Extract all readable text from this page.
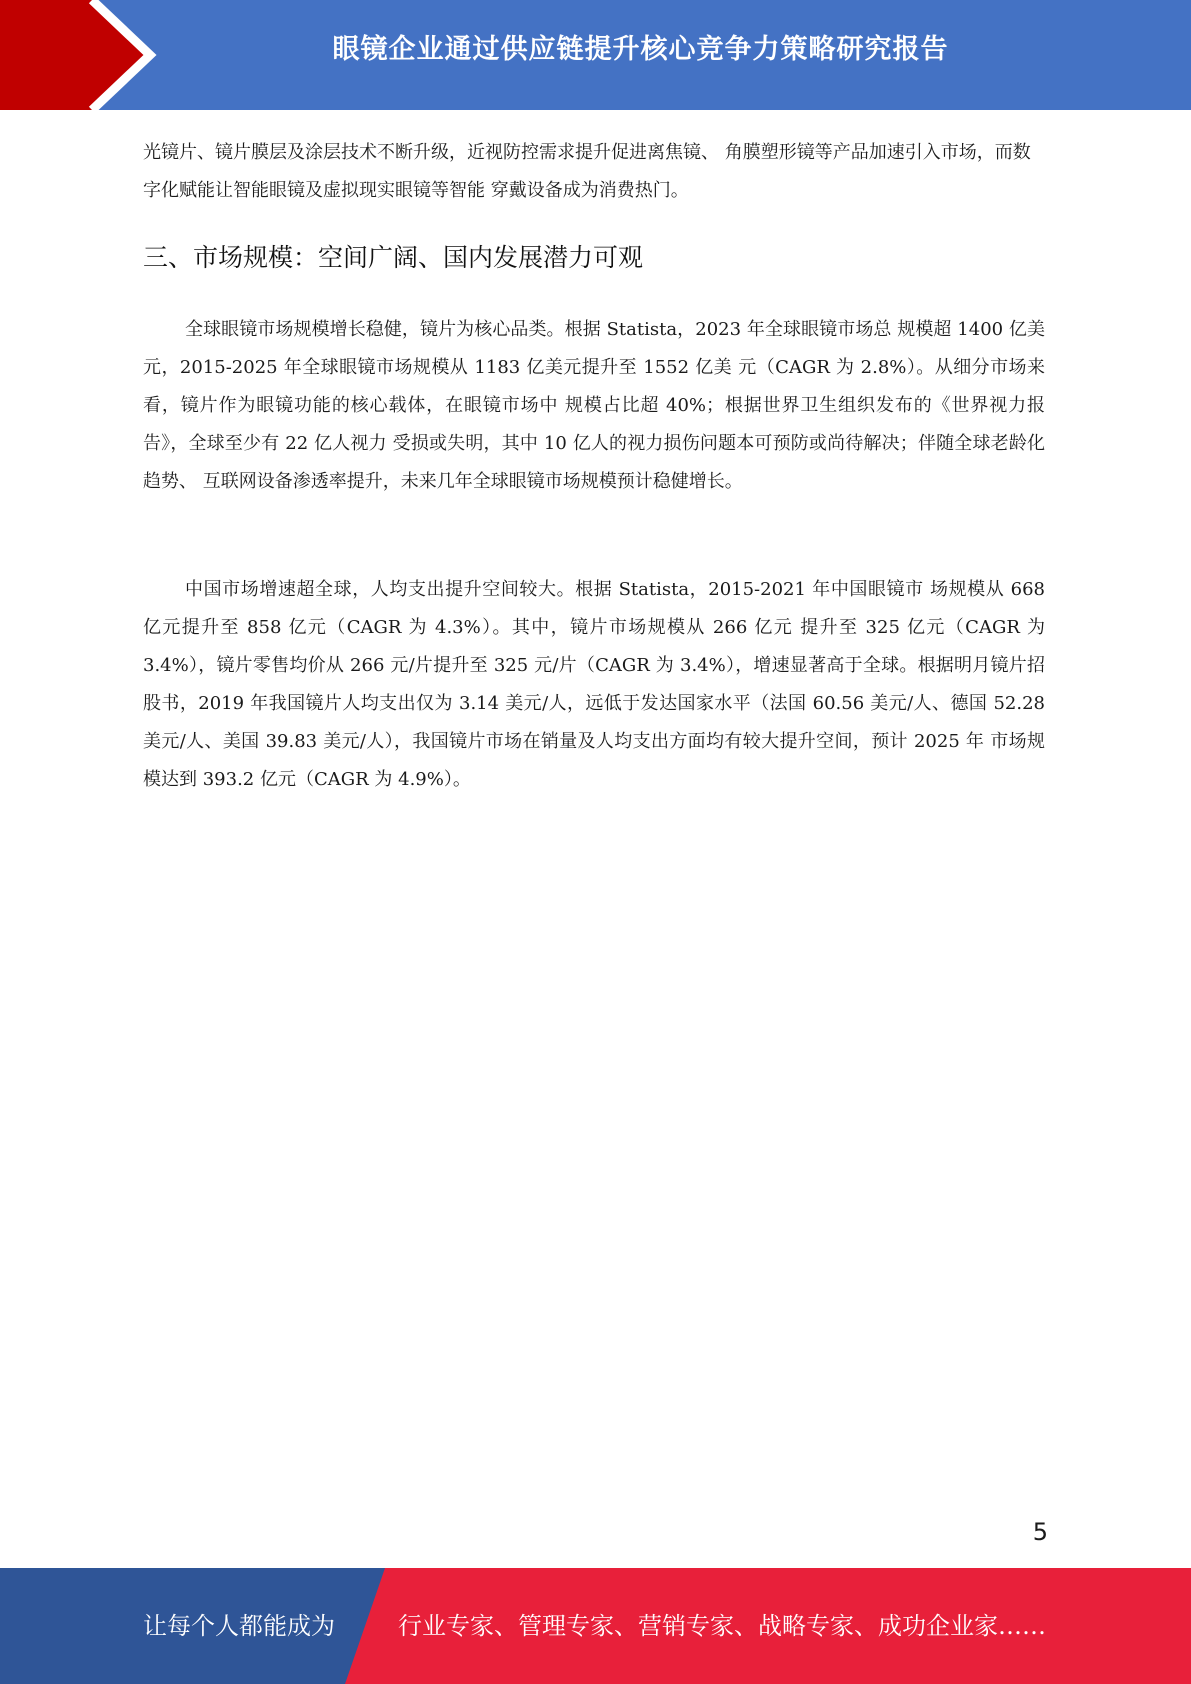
眼镜企业通过供应链提升核心竞争力策略研究报告

光镜片、镜片膜层及涂层技术不断升级，近视防控需求提升促进离焦镜、 角膜塑形镜等产品加速引入市场，而数字化赋能让智能眼镜及虚拟现实眼镜等智能 穿戴设备成为消费热门。

三、市场规模：空间广阔、国内发展潜力可观

全球眼镜市场规模增长稳健，镜片为核心品类。根据 Statista，2023 年全球眼镜市场总 规模超 1400 亿美元，2015-2025 年全球眼镜市场规模从 1183 亿美元提升至 1552 亿美 元（CAGR 为 2.8%）。从细分市场来看，镜片作为眼镜功能的核心载体，在眼镜市场中 规模占比超 40%；根据世界卫生组织发布的《世界视力报告》，全球至少有 22 亿人视力 受损或失明，其中 10 亿人的视力损伤问题本可预防或尚待解决；伴随全球老龄化趋势、 互联网设备渗透率提升，未来几年全球眼镜市场规模预计稳健增长。

中国市场增速超全球，人均支出提升空间较大。根据 Statista，2015-2021 年中国眼镜市 场规模从 668 亿元提升至 858 亿元（CAGR 为 4.3%）。其中，镜片市场规模从 266 亿元 提升至 325 亿元（CAGR 为 3.4%），镜片零售均价从 266 元/片提升至 325 元/片（CAGR 为 3.4%），增速显著高于全球。根据明月镜片招股书，2019 年我国镜片人均支出仅为 3.14 美元/人，远低于发达国家水平（法国 60.56 美元/人、德国 52.28 美元/人、美国 39.83 美元/人），我国镜片市场在销量及人均支出方面均有较大提升空间，预计 2025 年 市场规模达到 393.2 亿元（CAGR 为 4.9%）。

5
让每个人都能成为	行业专家、管理专家、营销专家、战略专家、成功企业家……
